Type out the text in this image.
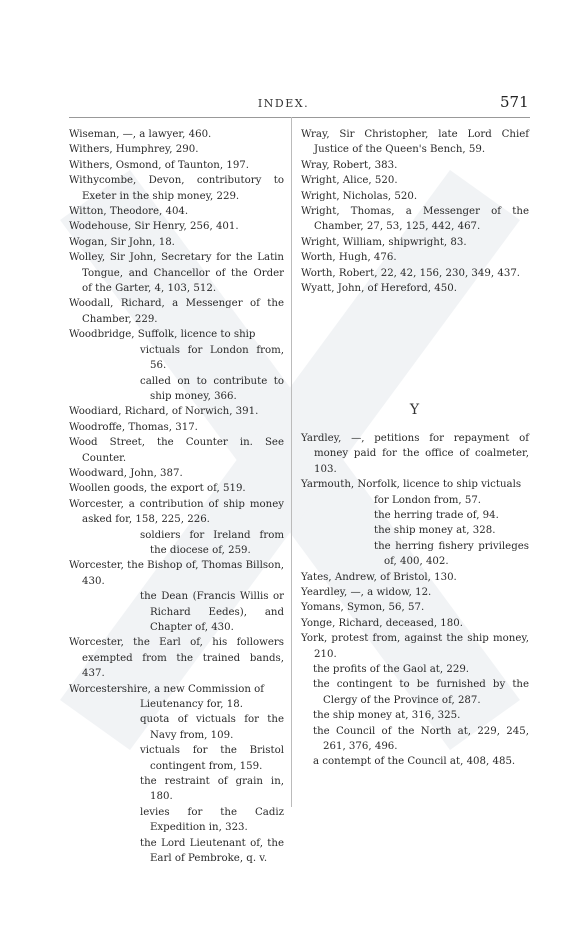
INDEX.	571
Wiseman, —, a lawyer, 460.
Withers, Humphrey, 290.
Withers, Osmond, of Taunton, 197.
Withycombe, Devon, contributory to Exeter in the ship money, 229.
Witton, Theodore, 404.
Wodehouse, Sir Henry, 256, 401.
Wogan, Sir John, 18.
Wolley, Sir John, Secretary for the Latin Tongue, and Chancellor of the Order of the Garter, 4, 103, 512.
Woodall, Richard, a Messenger of the Chamber, 229.
Woodbridge, Suffolk, licence to ship
victuals for London from, 56.
called on to contribute to ship money, 366.
Woodiard, Richard, of Norwich, 391.
Woodroffe, Thomas, 317.
Wood Street, the Counter in. See Counter.
Woodward, John, 387.
Woollen goods, the export of, 519.
Worcester, a contribution of ship money asked for, 158, 225, 226.
soldiers for Ireland from the diocese of, 259.
Worcester, the Bishop of, Thomas Billson, 430.
the Dean (Francis Willis or Richard Eedes), and Chapter of, 430.
Worcester, the Earl of, his followers exempted from the trained bands, 437.
Worcestershire, a new Commission of
Lieutenancy for, 18.
quota of victuals for the Navy from, 109.
victuals for the Bristol contingent from, 159.
the restraint of grain in, 180.
levies for the Cadiz Expedition in, 323.
the Lord Lieutenant of, the Earl of Pembroke, q. v.
Wray, Sir Christopher, late Lord Chief Justice of the Queen's Bench, 59.
Wray, Robert, 383.
Wright, Alice, 520.
Wright, Nicholas, 520.
Wright, Thomas, a Messenger of the Chamber, 27, 53, 125, 442, 467.
Wright, William, shipwright, 83.
Worth, Hugh, 476.
Worth, Robert, 22, 42, 156, 230, 349, 437.
Wyatt, John, of Hereford, 450.
Y
Yardley, —, petitions for repayment of money paid for the office of coalmeter, 103.
Yarmouth, Norfolk, licence to ship victuals
for London from, 57.
the herring trade of, 94.
the ship money at, 328.
the herring fishery privileges of, 400, 402.
Yates, Andrew, of Bristol, 130.
Yeardley, —, a widow, 12.
Yomans, Symon, 56, 57.
Yonge, Richard, deceased, 180.
York, protest from, against the ship money, 210.
the profits of the Gaol at, 229.
the contingent to be furnished by the Clergy of the Province of, 287.
the ship money at, 316, 325.
the Council of the North at, 229, 245, 261, 376, 496.
a contempt of the Council at, 408, 485.
